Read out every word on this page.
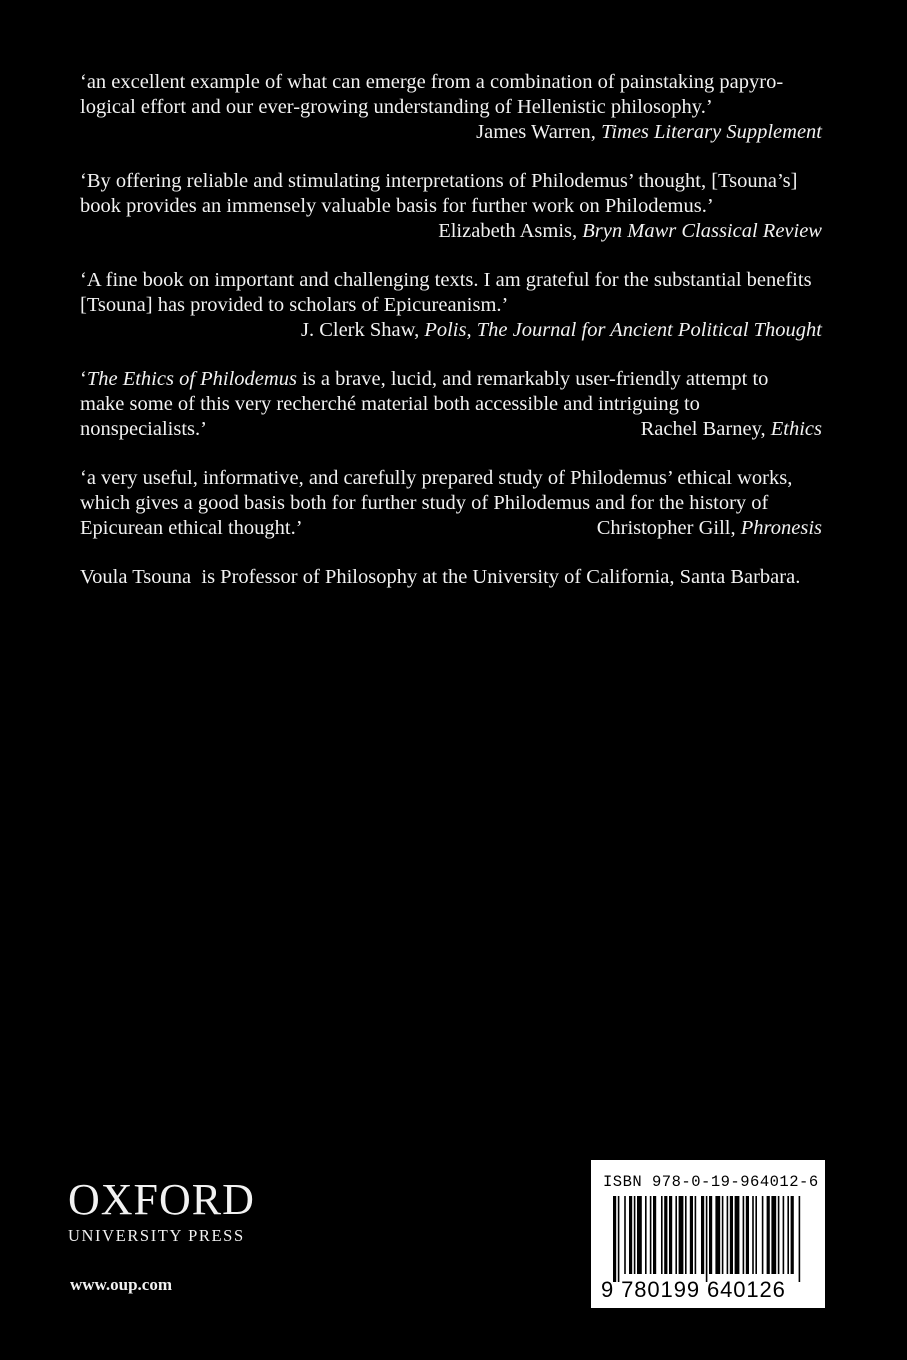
‘an excellent example of what can emerge from a combination of painstaking papyro-
logical effort and our ever-growing understanding of Hellenistic philosophy.’
James Warren, Times Literary Supplement
‘By offering reliable and stimulating interpretations of Philodemus’ thought, [Tsouna’s]
book provides an immensely valuable basis for further work on Philodemus.’
Elizabeth Asmis, Bryn Mawr Classical Review
‘A fine book on important and challenging texts. I am grateful for the substantial benefits
[Tsouna] has provided to scholars of Epicureanism.’
J. Clerk Shaw, Polis, The Journal for Ancient Political Thought
‘The Ethics of Philodemus is a brave, lucid, and remarkably user-friendly attempt to
make some of this very recherché material both accessible and intriguing to
nonspecialists.’	Rachel Barney, Ethics
‘a very useful, informative, and carefully prepared study of Philodemus’ ethical works,
which gives a good basis both for further study of Philodemus and for the history of
Epicurean ethical thought.’	Christopher Gill, Phronesis
Voula Tsouna  is Professor of Philosophy at the University of California, Santa Barbara.
OXFORD
UNIVERSITY PRESS
www.oup.com
ISBN 978-0-19-964012-6
9 780199 640126
